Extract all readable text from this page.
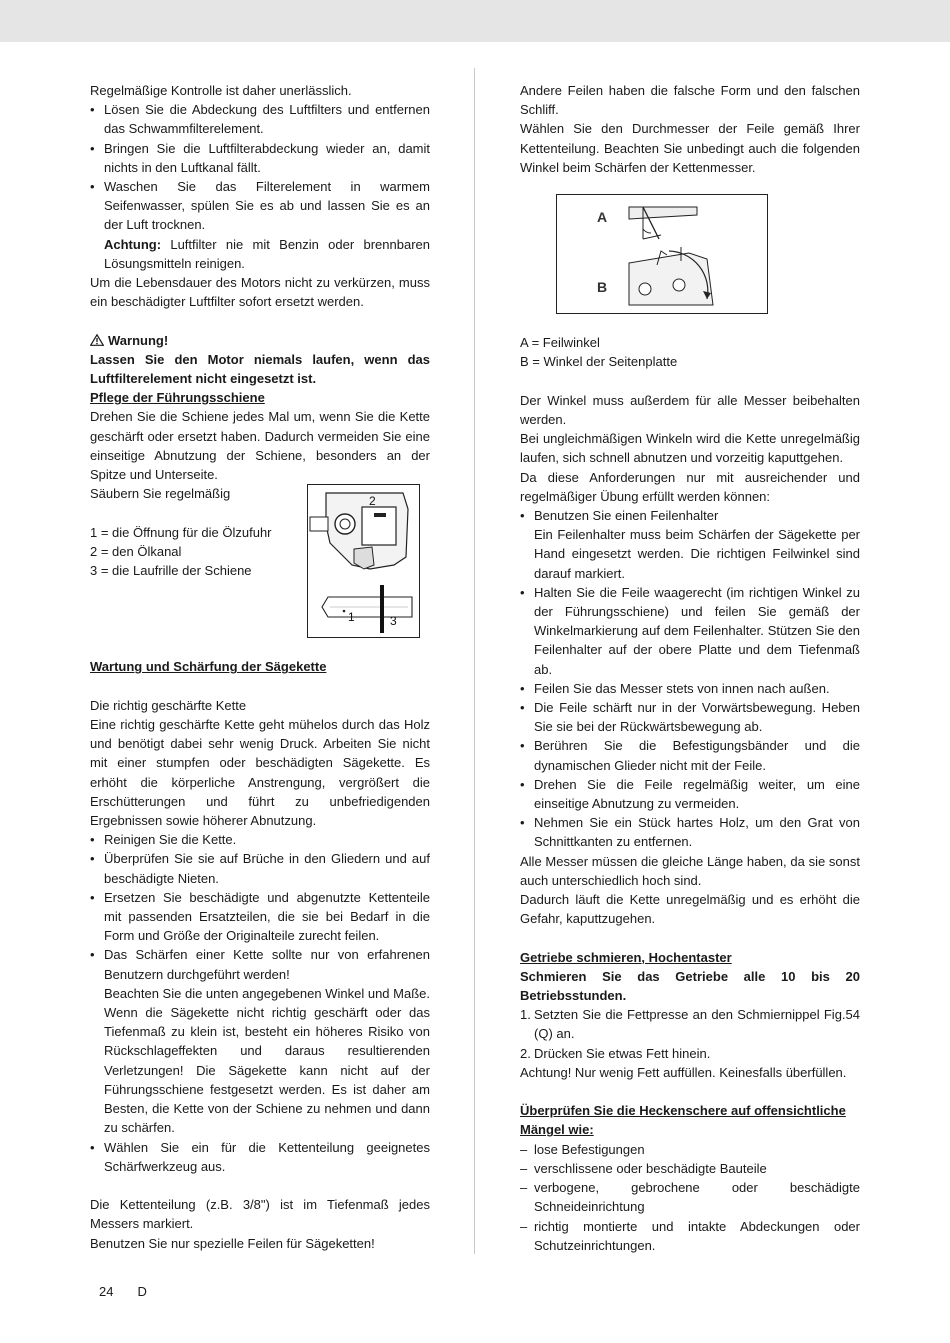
Regelmäßige Kontrolle ist daher unerlässlich.

• Lösen Sie die Abdeckung des Luftfilters und entfernen das Schwammfilterelement.
• Bringen Sie die Luftfilterabdeckung wieder an, damit nichts in den Luftkanal fällt.
• Waschen Sie das Filterelement in warmem Seifenwasser, spülen Sie es ab und lassen Sie es an der Luft trocknen.
Achtung: Luftfilter nie mit Benzin oder brennbaren Lösungsmitteln reinigen.

Um die Lebensdauer des Motors nicht zu verkürzen, muss ein beschädigter Luftfilter sofort ersetzt werden.

Warnung!

Lassen Sie den Motor niemals laufen, wenn das Luftfilterelement nicht eingesetzt ist.

Pflege der Führungsschiene

Drehen Sie die Schiene jedes Mal um, wenn Sie die Kette geschärft oder ersetzt haben. Dadurch vermeiden Sie eine einseitige Abnutzung der Schiene, besonders an der Spitze und Unterseite.

Säubern Sie regelmäßig

1 = die Öffnung für die Ölzufuhr

2 = den Ölkanal

3 = die Laufrille der Schiene

2
1	3

Wartung und Schärfung der Sägekette

Die richtig geschärfte Kette

Eine richtig geschärfte Kette geht mühelos durch das Holz und benötigt dabei sehr wenig Druck. Arbeiten Sie nicht mit einer stumpfen oder beschädigten Sägekette. Es erhöht die körperliche Anstrengung, vergrößert die Erschütterungen und führt zu unbefriedigenden Ergebnissen sowie höherer Abnutzung.

• Reinigen Sie die Kette.
• Überprüfen Sie sie auf Brüche in den Gliedern und auf beschädigte Nieten.
• Ersetzen Sie beschädigte und abgenutzte Kettenteile mit passenden Ersatzteilen, die sie bei Bedarf in die Form und Größe der Originalteile zurecht feilen.
• Das Schärfen einer Kette sollte nur von erfahrenen Benutzern durchgeführt werden!
Beachten Sie die unten angegebenen Winkel und Maße. Wenn die Sägekette nicht richtig geschärft oder das Tiefenmaß zu klein ist, besteht ein höheres Risiko von Rückschlageffekten und daraus resultierenden Verletzungen! Die Sägekette kann nicht auf der Führungsschiene festgesetzt werden. Es ist daher am Besten, die Kette von der Schiene zu nehmen und dann zu schärfen.
• Wählen Sie ein für die Kettenteilung geeignetes Schärfwerkzeug aus.

Die Kettenteilung (z.B. 3/8") ist im Tiefenmaß jedes Messers markiert.

Benutzen Sie nur spezielle Feilen für Sägeketten!

Andere Feilen haben die falsche Form und den falschen Schliff.

Wählen Sie den Durchmesser der Feile gemäß Ihrer Kettenteilung. Beachten Sie unbedingt auch die folgenden Winkel beim Schärfen der Kettenmesser.

A
B

A = Feilwinkel

B = Winkel der Seitenplatte

Der Winkel muss außerdem für alle Messer beibehalten werden.

Bei ungleichmäßigen Winkeln wird die Kette unregelmäßig laufen, sich schnell abnutzen und vorzeitig kaputtgehen.

Da diese Anforderungen nur mit ausreichender und regelmäßiger Übung erfüllt werden können:

• Benutzen Sie einen Feilenhalter
Ein Feilenhalter muss beim Schärfen der Sägekette per Hand eingesetzt werden. Die richtigen Feilwinkel sind darauf markiert.
• Halten Sie die Feile waagerecht (im richtigen Winkel zu der Führungsschiene) und feilen Sie gemäß der Winkelmarkierung auf dem Feilenhalter. Stützen Sie den Feilenhalter auf der obere Platte und dem Tiefenmaß ab.
• Feilen Sie das Messer stets von innen nach außen.
• Die Feile schärft nur in der Vorwärtsbewegung. Heben Sie sie bei der Rückwärtsbewegung ab.
• Berühren Sie die Befestigungsbänder und die dynamischen Glieder nicht mit der Feile.
• Drehen Sie die Feile regelmäßig weiter, um eine einseitige Abnutzung zu vermeiden.
• Nehmen Sie ein Stück hartes Holz, um den Grat von Schnittkanten zu entfernen.

Alle Messer müssen die gleiche Länge haben, da sie sonst auch unterschiedlich hoch sind.

Dadurch läuft die Kette unregelmäßig und es erhöht die Gefahr, kaputtzugehen.

Getriebe schmieren, Hochentaster

Schmieren Sie das Getriebe alle 10 bis 20 Betriebsstunden.

1. Setzten Sie die Fettpresse an den Schmiernippel Fig.54 (Q) an.
2. Drücken Sie etwas Fett hinein.

Achtung! Nur wenig Fett auffüllen. Keinesfalls überfüllen.

Überprüfen Sie die Heckenschere auf offensichtliche Mängel wie:

– lose Befestigungen
– verschlissene oder beschädigte Bauteile
– verbogene, gebrochene oder beschädigte Schneideinrichtung
– richtig montierte und intakte Abdeckungen oder Schutzeinrichtungen.
24 D
